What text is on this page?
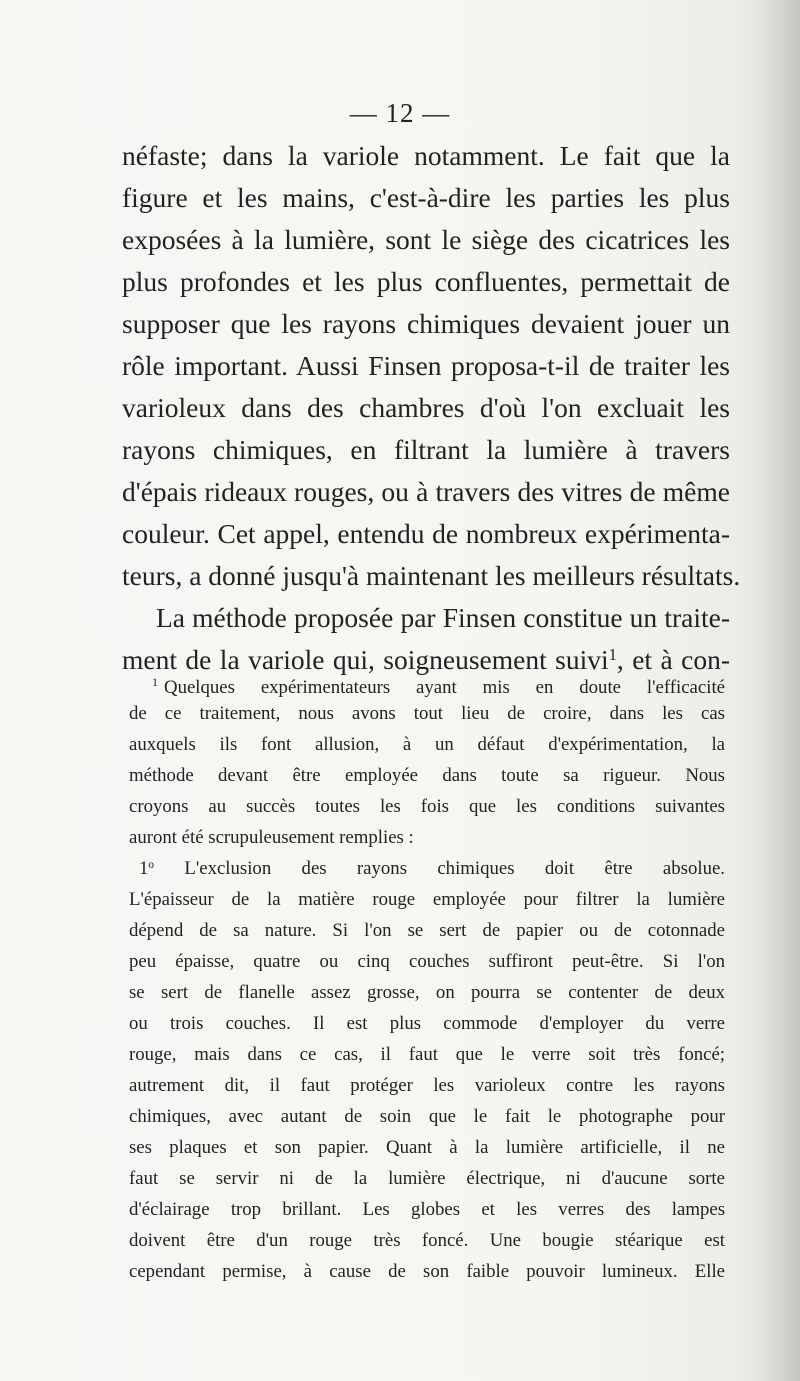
— 12 —
néfaste; dans la variole notamment. Le fait que la
figure et les mains, c'est-à-dire les parties les plus
exposées à la lumière, sont le siège des cicatrices les
plus profondes et les plus confluentes, permettait de
supposer que les rayons chimiques devaient jouer un
rôle important. Aussi Finsen proposa-t-il de traiter les
varioleux dans des chambres d'où l'on excluait les
rayons chimiques, en filtrant la lumière à travers
d'épais rideaux rouges, ou à travers des vitres de même
couleur. Cet appel, entendu de nombreux expérimenta-
teurs, a donné jusqu'à maintenant les meilleurs résultats.
La méthode proposée par Finsen constitue un traite-
ment de la variole qui, soigneusement suivi$^1$, et à con-
$^1$ Quelques expérimentateurs ayant mis en doute l'efficacité
de ce traitement, nous avons tout lieu de croire, dans les cas
auxquels ils font allusion, à un défaut d'expérimentation, la
méthode devant être employée dans toute sa rigueur. Nous
croyons au succès toutes les fois que les conditions suivantes
auront été scrupuleusement remplies :
1$^o$ L'exclusion des rayons chimiques doit être absolue.
L'épaisseur de la matière rouge employée pour filtrer la lumière
dépend de sa nature. Si l'on se sert de papier ou de cotonnade
peu épaisse, quatre ou cinq couches suffiront peut-être. Si l'on
se sert de flanelle assez grosse, on pourra se contenter de deux
ou trois couches. Il est plus commode d'employer du verre
rouge, mais dans ce cas, il faut que le verre soit très foncé;
autrement dit, il faut protéger les varioleux contre les rayons
chimiques, avec autant de soin que le fait le photographe pour
ses plaques et son papier. Quant à la lumière artificielle, il ne
faut se servir ni de la lumière électrique, ni d'aucune sorte
d'éclairage trop brillant. Les globes et les verres des lampes
doivent être d'un rouge très foncé. Une bougie stéarique est
cependant permise, à cause de son faible pouvoir lumineux. Elle
